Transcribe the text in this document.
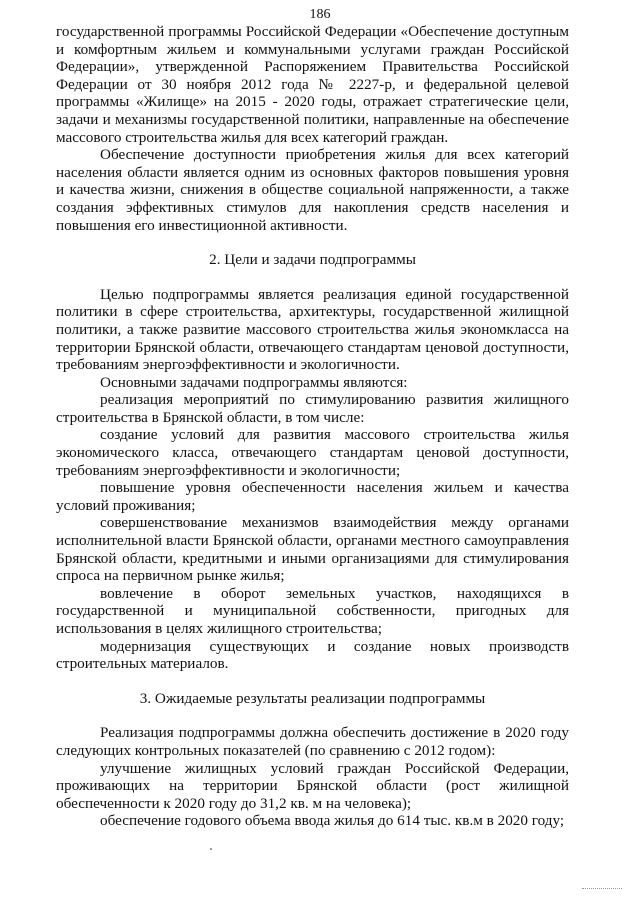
186

государственной программы Российской Федерации «Обеспечение доступным и комфортным жильем и коммунальными услугами граждан Российской Федерации», утвержденной Распоряжением Правительства Российской Федерации от 30 ноября 2012 года № 2227-р, и федеральной целевой программы «Жилище» на 2015 - 2020 годы, отражает стратегические цели, задачи и механизмы государственной политики, направленные на обеспечение массового строительства жилья для всех категорий граждан.

Обеспечение доступности приобретения жилья для всех категорий населения области является одним из основных факторов повышения уровня и качества жизни, снижения в обществе социальной напряженности, а также создания эффективных стимулов для накопления средств населения и повышения его инвестиционной активности.

2. Цели и задачи подпрограммы

Целью подпрограммы является реализация единой государственной политики в сфере строительства, архитектуры, государственной жилищной политики, а также развитие массового строительства жилья экономкласса на территории Брянской области, отвечающего стандартам ценовой доступности, требованиям энергоэффективности и экологичности.

Основными задачами подпрограммы являются:

реализация мероприятий по стимулированию развития жилищного строительства в Брянской области, в том числе:

создание условий для развития массового строительства жилья экономического класса, отвечающего стандартам ценовой доступности, требованиям энергоэффективности и экологичности;

повышение уровня обеспеченности населения жильем и качества условий проживания;

совершенствование механизмов взаимодействия между органами исполнительной власти Брянской области, органами местного самоуправления Брянской области, кредитными и иными организациями для стимулирования спроса на первичном рынке жилья;

вовлечение в оборот земельных участков, находящихся в государственной и муниципальной собственности, пригодных для использования в целях жилищного строительства;

модернизация существующих и создание новых производств строительных материалов.

3. Ожидаемые результаты реализации подпрограммы

Реализация подпрограммы должна обеспечить достижение в 2020 году следующих контрольных показателей (по сравнению с 2012 годом):

улучшение жилищных условий граждан Российской Федерации, проживающих на территории Брянской области (рост жилищной обеспеченности к 2020 году до 31,2 кв. м на человека);

обеспечение годового объема ввода жилья до 614 тыс. кв.м в 2020 году;
